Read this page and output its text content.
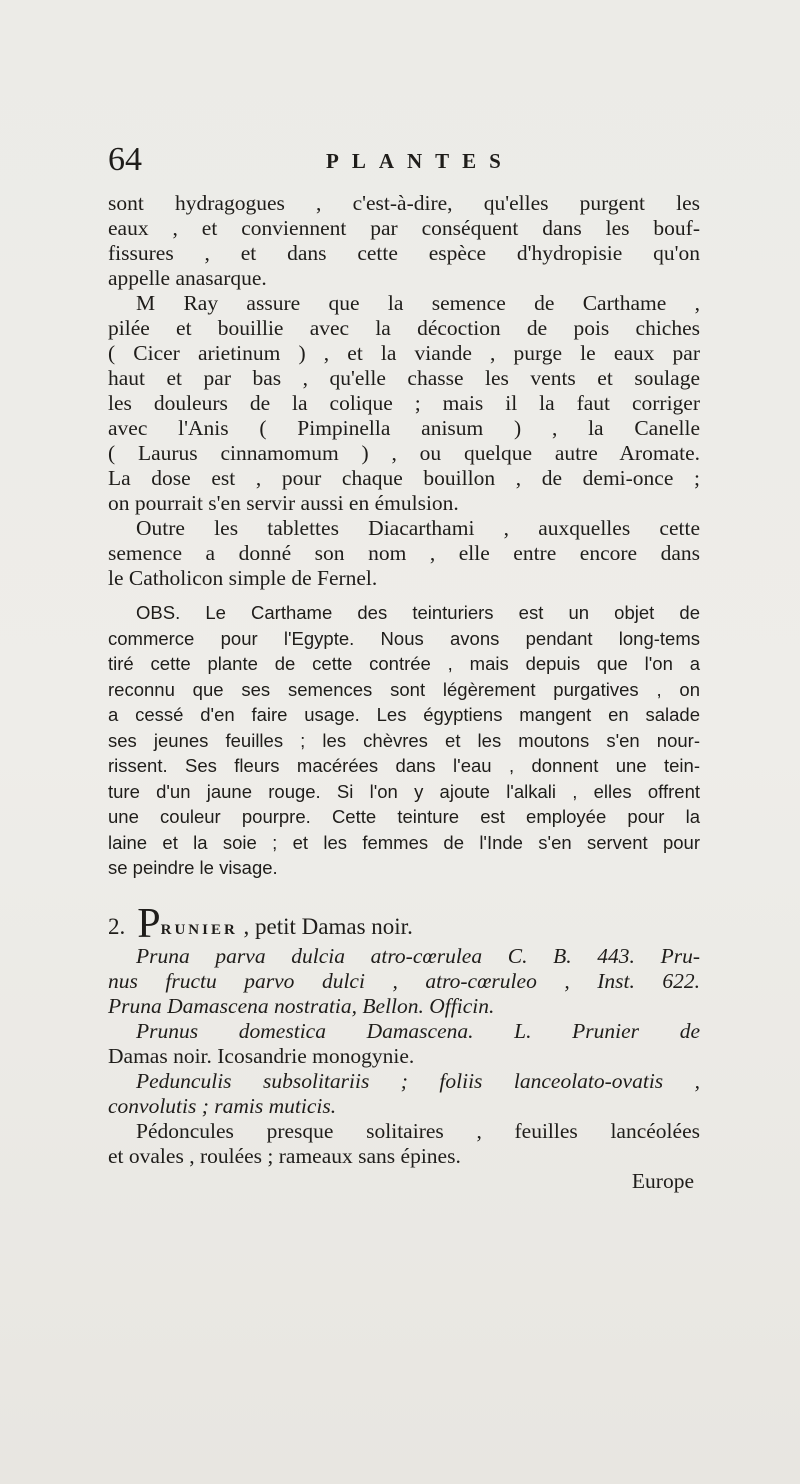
64	PLANTES
sont hydragogues , c'est-à-dire, qu'elles purgent les
eaux , et conviennent par conséquent dans les bouf-
fissures , et dans cette espèce d'hydropisie qu'on
appelle anasarque.
M Ray assure que la semence de Carthame ,
pilée et bouillie avec la décoction de pois chiches
( Cicer arietinum ) , et la viande , purge le eaux par
haut et par bas , qu'elle chasse les vents et soulage
les douleurs de la colique ; mais il la faut corriger
avec l'Anis ( Pimpinella anisum ) , la Canelle
( Laurus cinnamomum ) , ou quelque autre Aromate.
La dose est , pour chaque bouillon , de demi-once ;
on pourrait s'en servir aussi en émulsion.
Outre les tablettes Diacarthami , auxquelles cette
semence a donné son nom , elle entre encore dans
le Catholicon simple de Fernel.
OBS. Le Carthame des teinturiers est un objet de
commerce pour l'Egypte. Nous avons pendant long-tems
tiré cette plante de cette contrée , mais depuis que l'on a
reconnu que ses semences sont légèrement purgatives , on
a cessé d'en faire usage. Les égyptiens mangent en salade
ses jeunes feuilles ; les chèvres et les moutons s'en nour-
rissent. Ses fleurs macérées dans l'eau , donnent une tein-
ture d'un jaune rouge. Si l'on y ajoute l'alkali , elles offrent
une couleur pourpre. Cette teinture est employée pour la
laine et la soie ; et les femmes de l'Inde s'en servent pour
se peindre le visage.
2. PRUNIER , petit Damas noir.
Pruna parva dulcia atro-cœrulea C. B. 443. Pru-
nus fructu parvo dulci , atro-cœruleo , Inst. 622.
Pruna Damascena nostratia, Bellon. Officin.
Prunus domestica Damascena. L. Prunier de
Damas noir. Icosandrie monogynie.
Pedunculis subsolitariis ; foliis lanceolato-ovatis ,
convolutis ; ramis muticis.
Pédoncules presque solitaires , feuilles lancéolées
et ovales , roulées ; rameaux sans épines.
Europe
